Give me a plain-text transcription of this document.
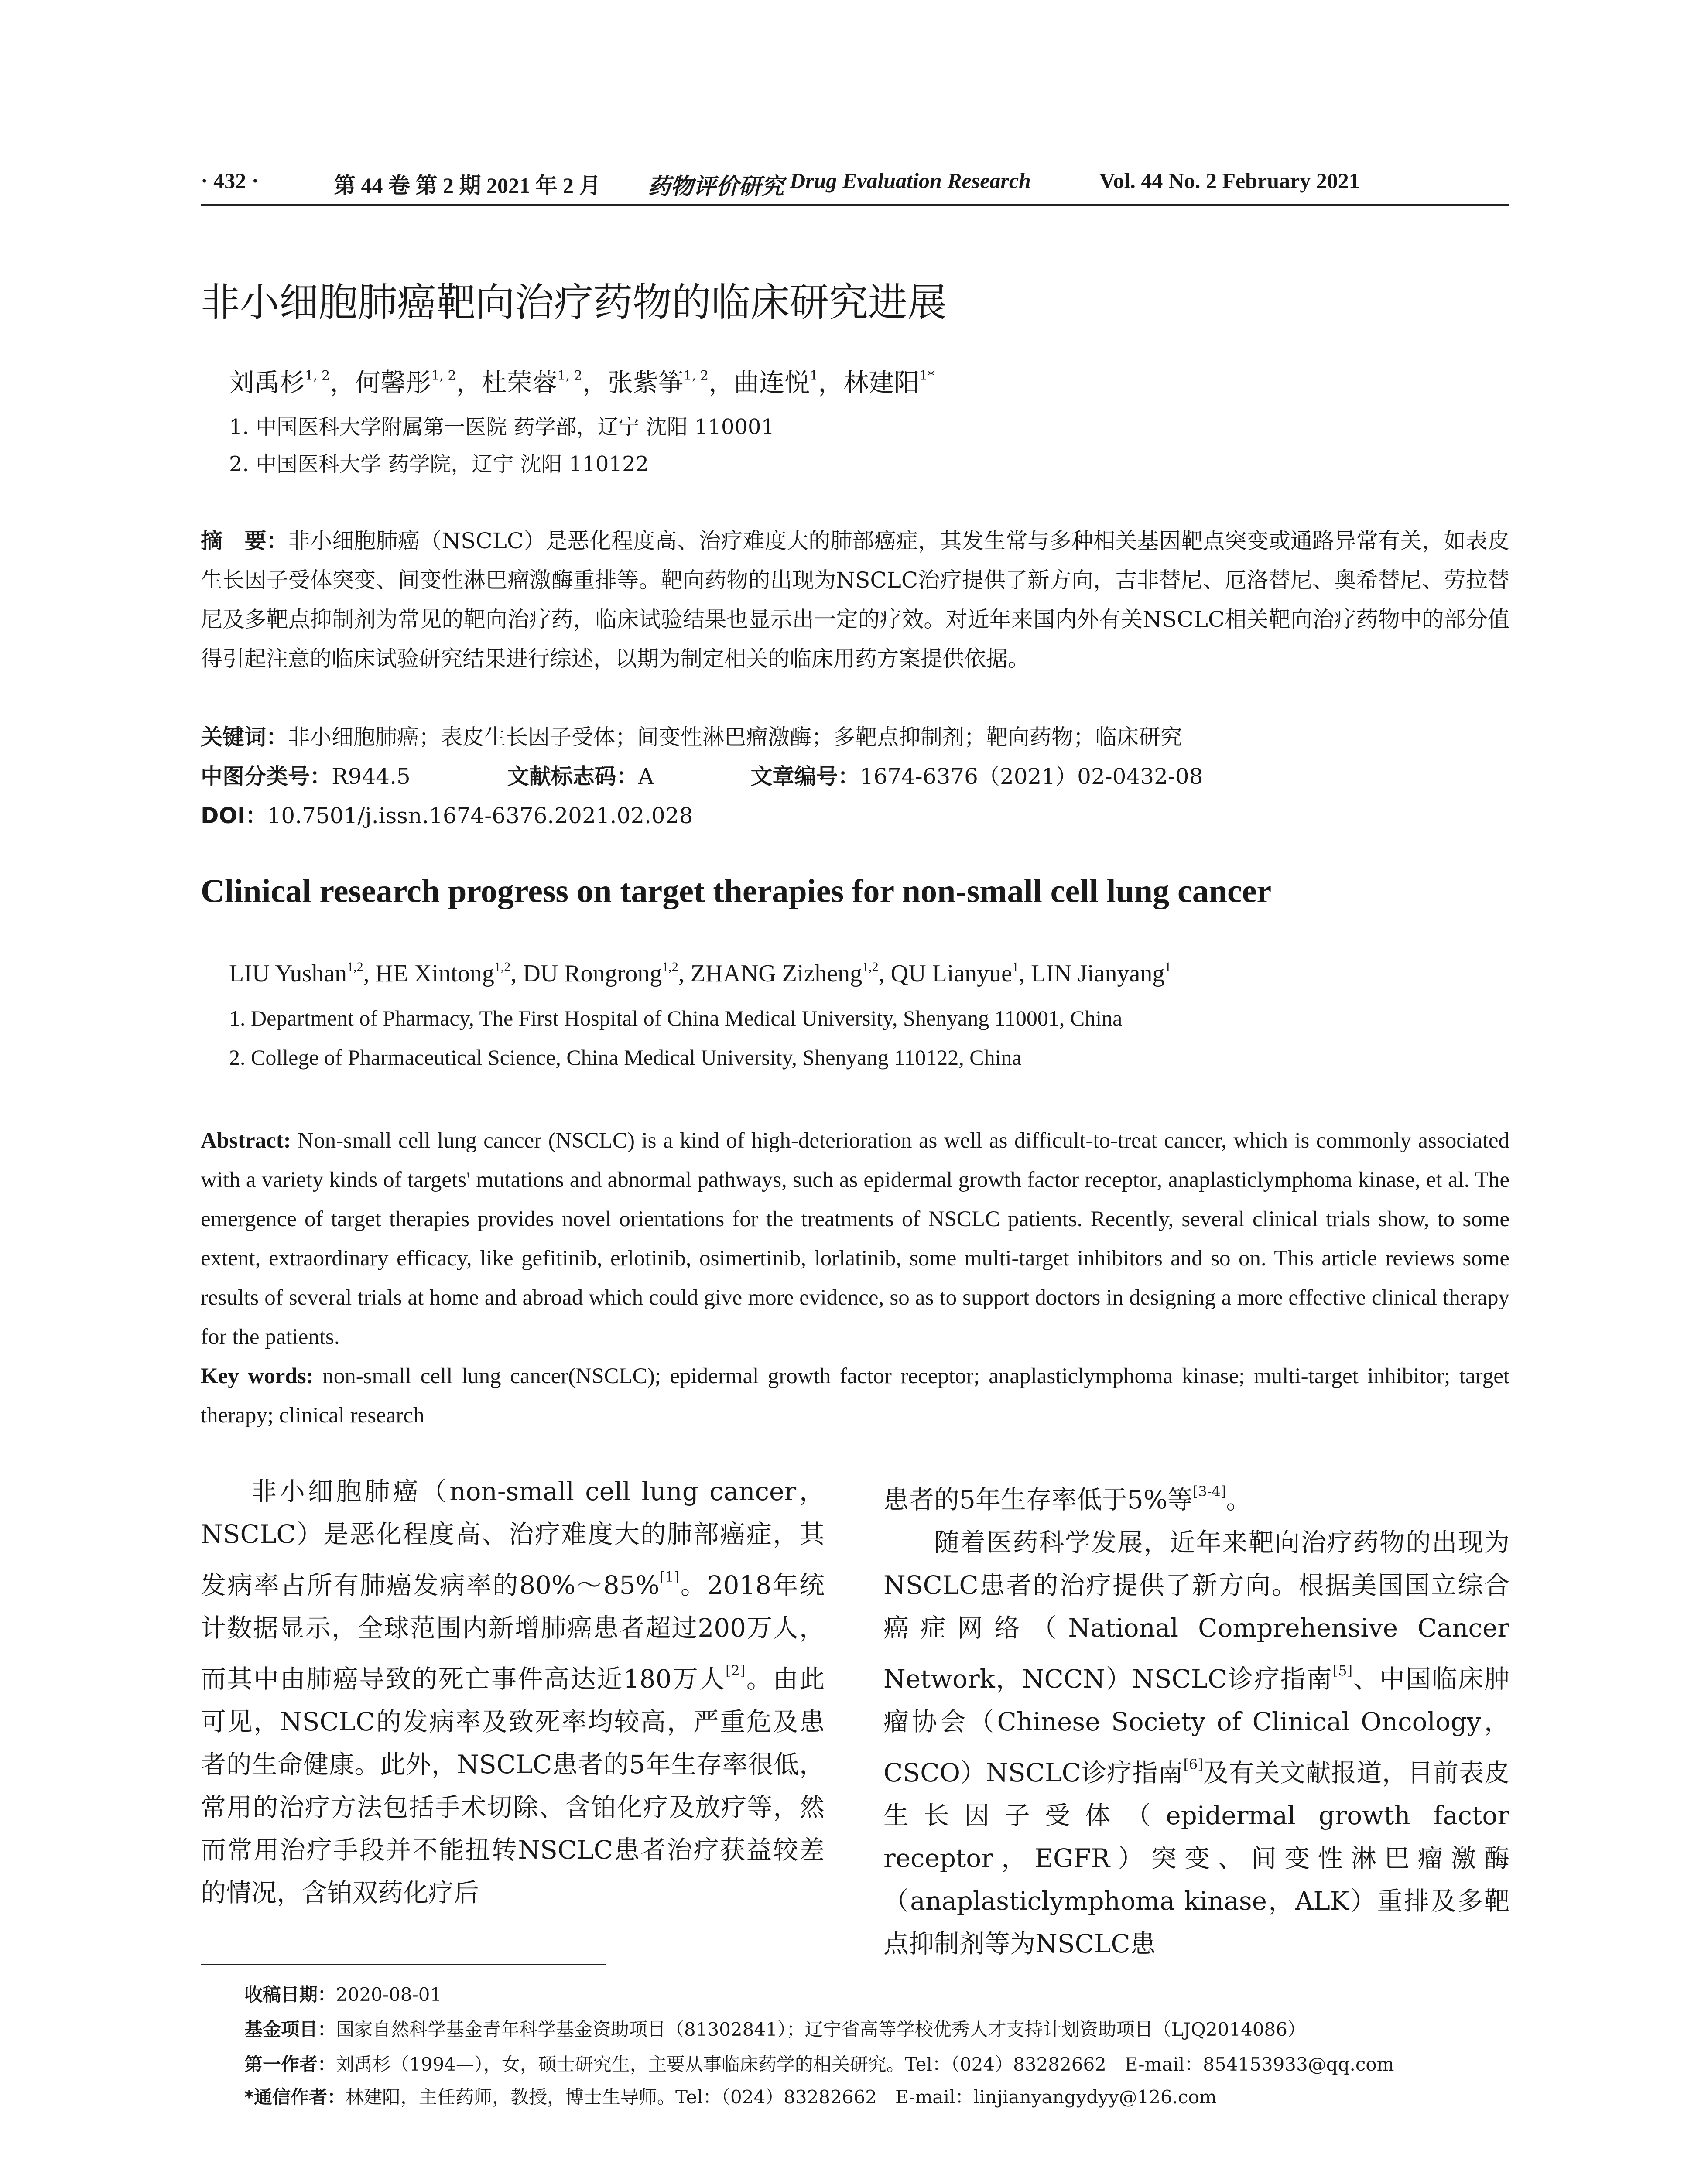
· 432 ·	第 44 卷 第 2 期 2021 年 2 月 药物评价研究 Drug Evaluation Research	Vol. 44 No. 2 February 2021
非小细胞肺癌靶向治疗药物的临床研究进展
刘禹杉$^{1, 2}$，何馨彤$^{1, 2}$，杜荣蓉$^{1, 2}$，张紫筝$^{1, 2}$，曲连悦$^1$，林建阳$^{1*}$
1. 中国医科大学附属第一医院 药学部，辽宁 沈阳 110001
2. 中国医科大学 药学院，辽宁 沈阳 110122
摘　要：非小细胞肺癌（NSCLC）是恶化程度高、治疗难度大的肺部癌症，其发生常与多种相关基因靶点突变或通路异常有关，如表皮生长因子受体突变、间变性淋巴瘤激酶重排等。靶向药物的出现为NSCLC治疗提供了新方向，吉非替尼、厄洛替尼、奥希替尼、劳拉替尼及多靶点抑制剂为常见的靶向治疗药，临床试验结果也显示出一定的疗效。对近年来国内外有关NSCLC相关靶向治疗药物中的部分值得引起注意的临床试验研究结果进行综述，以期为制定相关的临床用药方案提供依据。
关键词：非小细胞肺癌；表皮生长因子受体；间变性淋巴瘤激酶；多靶点抑制剂；靶向药物；临床研究
中图分类号：R944.5	文献标志码：A	文章编号：1674-6376（2021）02-0432-08
DOI：10.7501/j.issn.1674-6376.2021.02.028
Clinical research progress on target therapies for non-small cell lung cancer
LIU Yushan$^{1,2}$, HE Xintong$^{1,2}$, DU Rongrong$^{1,2}$, ZHANG Zizheng$^{1,2}$, QU Lianyue$^1$, LIN Jianyang$^1$
1. Department of Pharmacy, The First Hospital of China Medical University, Shenyang 110001, China
2. College of Pharmaceutical Science, China Medical University, Shenyang 110122, China
Abstract: Non-small cell lung cancer (NSCLC) is a kind of high-deterioration as well as difficult-to-treat cancer, which is commonly associated with a variety kinds of targets' mutations and abnormal pathways, such as epidermal growth factor receptor, anaplasticlymphoma kinase, et al. The emergence of target therapies provides novel orientations for the treatments of NSCLC patients. Recently, several clinical trials show, to some extent, extraordinary efficacy, like gefitinib, erlotinib, osimertinib, lorlatinib, some multi-target inhibitors and so on. This article reviews some results of several trials at home and abroad which could give more evidence, so as to support doctors in designing a more effective clinical therapy for the patients.
Key words: non-small cell lung cancer(NSCLC); epidermal growth factor receptor; anaplasticlymphoma kinase; multi-target inhibitor; target therapy; clinical research

非小细胞肺癌（non-small cell lung cancer，NSCLC）是恶化程度高、治疗难度大的肺部癌症，其发病率占所有肺癌发病率的80%～85%[1]。2018年统计数据显示，全球范围内新增肺癌患者超过200万人，而其中由肺癌导致的死亡事件高达近180万人[2]。由此可见，NSCLC的发病率及致死率均较高，严重危及患者的生命健康。此外，NSCLC患者的5年生存率很低，常用的治疗方法包括手术切除、含铂化疗及放疗等，然而常用治疗手段并不能扭转NSCLC患者治疗获益较差的情况，含铂双药化疗后

患者的5年生存率低于5%等[3-4]。

随着医药科学发展，近年来靶向治疗药物的出现为NSCLC患者的治疗提供了新方向。根据美国国立综合癌症网络（National Comprehensive Cancer Network，NCCN）NSCLC诊疗指南[5]、中国临床肿瘤协会（Chinese Society of Clinical Oncology，CSCO）NSCLC诊疗指南[6]及有关文献报道，目前表皮生长因子受体（epidermal growth factor receptor，EGFR）突变、间变性淋巴瘤激酶（anaplasticlymphoma kinase，ALK）重排及多靶点抑制剂等为NSCLC患

收稿日期：2020-08-01
基金项目：国家自然科学基金青年科学基金资助项目（81302841）；辽宁省高等学校优秀人才支持计划资助项目（LJQ2014086）
第一作者：刘禹杉（1994—），女，硕士研究生，主要从事临床药学的相关研究。Tel：（024）83282662　E-mail：854153933@qq.com
*通信作者：林建阳，主任药师，教授，博士生导师。Tel：（024）83282662　E-mail：linjianyangydyy@126.com
